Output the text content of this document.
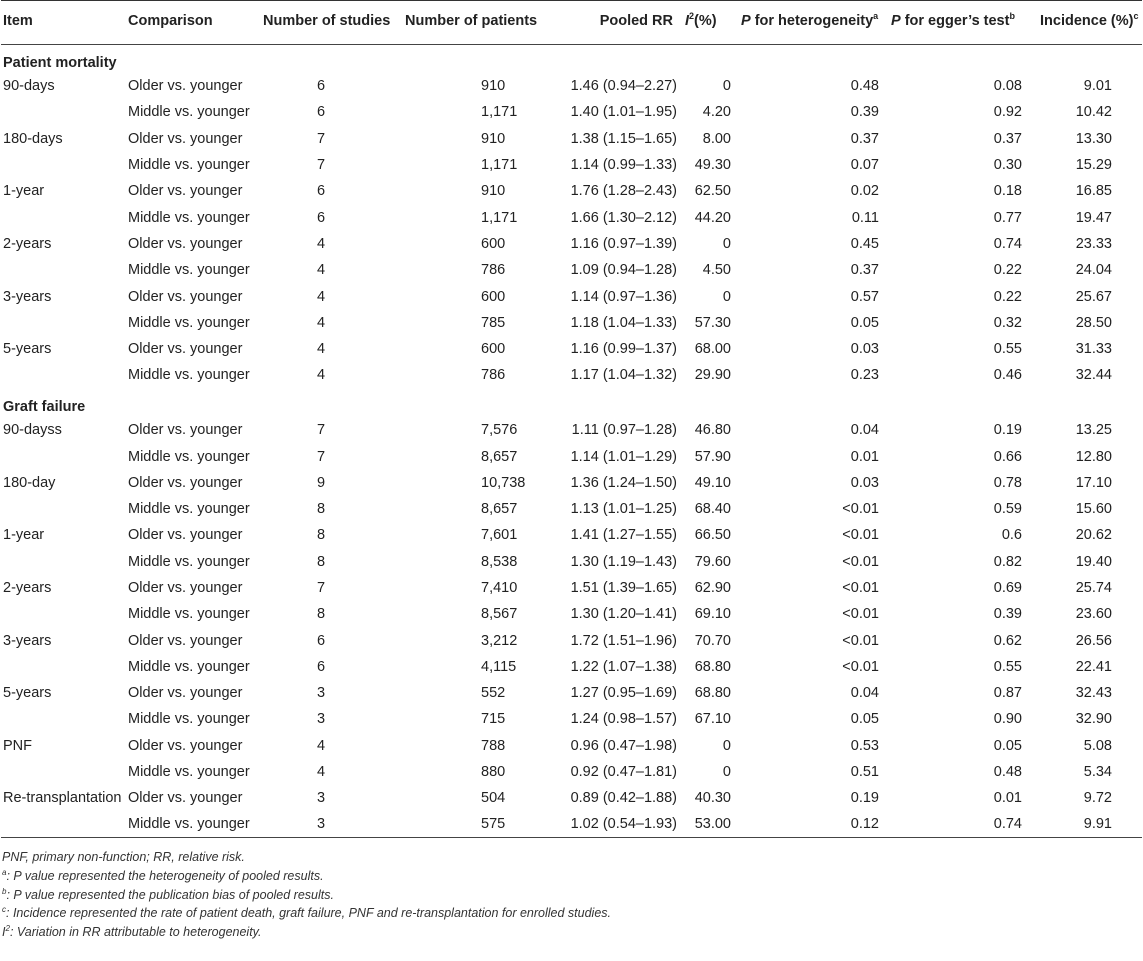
Item	Comparison	Number of studies	Number of patients	Pooled RR	$I^2(\%)$	P for heterogeneity$^a$	P for egger’s test$^b$	Incidence (%)$^c$
Patient mortality								
90-days	Older vs. younger	6	910	1.46 (0.94–2.27)	0	0.48	0.08	9.01
	Middle vs. younger	6	1,171	1.40 (1.01–1.95)	4.20	0.39	0.92	10.42
180-days	Older vs. younger	7	910	1.38 (1.15–1.65)	8.00	0.37	0.37	13.30
	Middle vs. younger	7	1,171	1.14 (0.99–1.33)	49.30	0.07	0.30	15.29
1-year	Older vs. younger	6	910	1.76 (1.28–2.43)	62.50	0.02	0.18	16.85
	Middle vs. younger	6	1,171	1.66 (1.30–2.12)	44.20	0.11	0.77	19.47
2-years	Older vs. younger	4	600	1.16 (0.97–1.39)	0	0.45	0.74	23.33
	Middle vs. younger	4	786	1.09 (0.94–1.28)	4.50	0.37	0.22	24.04
3-years	Older vs. younger	4	600	1.14 (0.97–1.36)	0	0.57	0.22	25.67
	Middle vs. younger	4	785	1.18 (1.04–1.33)	57.30	0.05	0.32	28.50
5-years	Older vs. younger	4	600	1.16 (0.99–1.37)	68.00	0.03	0.55	31.33
	Middle vs. younger	4	786	1.17 (1.04–1.32)	29.90	0.23	0.46	32.44
Graft failure								
90-dayss	Older vs. younger	7	7,576	1.11 (0.97–1.28)	46.80	0.04	0.19	13.25
	Middle vs. younger	7	8,657	1.14 (1.01–1.29)	57.90	0.01	0.66	12.80
180-day	Older vs. younger	9	10,738	1.36 (1.24–1.50)	49.10	0.03	0.78	17.10
	Middle vs. younger	8	8,657	1.13 (1.01–1.25)	68.40	<0.01	0.59	15.60
1-year	Older vs. younger	8	7,601	1.41 (1.27–1.55)	66.50	<0.01	0.6	20.62
	Middle vs. younger	8	8,538	1.30 (1.19–1.43)	79.60	<0.01	0.82	19.40
2-years	Older vs. younger	7	7,410	1.51 (1.39–1.65)	62.90	<0.01	0.69	25.74
	Middle vs. younger	8	8,567	1.30 (1.20–1.41)	69.10	<0.01	0.39	23.60
3-years	Older vs. younger	6	3,212	1.72 (1.51–1.96)	70.70	<0.01	0.62	26.56
	Middle vs. younger	6	4,115	1.22 (1.07–1.38)	68.80	<0.01	0.55	22.41
5-years	Older vs. younger	3	552	1.27 (0.95–1.69)	68.80	0.04	0.87	32.43
	Middle vs. younger	3	715	1.24 (0.98–1.57)	67.10	0.05	0.90	32.90
PNF	Older vs. younger	4	788	0.96 (0.47–1.98)	0	0.53	0.05	5.08
	Middle vs. younger	4	880	0.92 (0.47–1.81)	0	0.51	0.48	5.34
Re-transplantation	Older vs. younger	3	504	0.89 (0.42–1.88)	40.30	0.19	0.01	9.72
	Middle vs. younger	3	575	1.02 (0.54–1.93)	53.00	0.12	0.74	9.91
PNF, primary non-function; RR, relative risk.
$^a$: P value represented the heterogeneity of pooled results.
$^b$: P value represented the publication bias of pooled results.
$^c$: Incidence represented the rate of patient death, graft failure, PNF and re-transplantation for enrolled studies.
$I^2$: Variation in RR attributable to heterogeneity.
